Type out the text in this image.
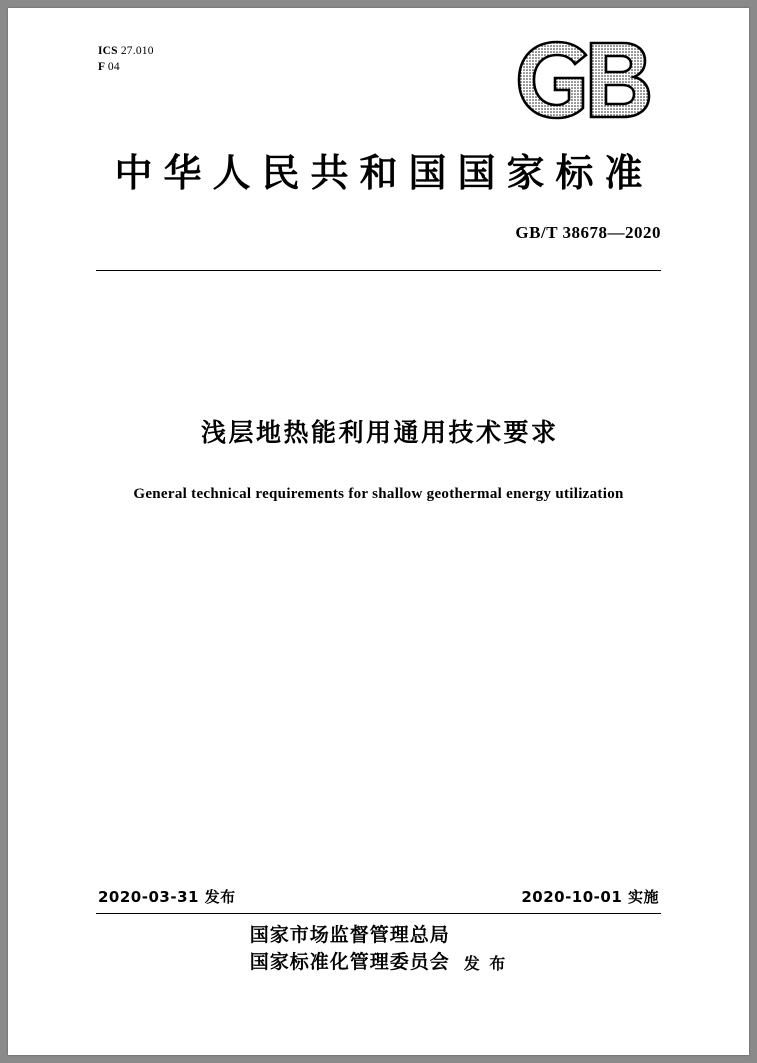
ICS 27.010
F 04
中华人民共和国国家标准
GB/T 38678—2020
浅层地热能利用通用技术要求
General technical requirements for shallow geothermal energy utilization
2020-03-31 发布	2020-10-01 实施
国家市场监督管理总局
国家标准化管理委员会 发 布
